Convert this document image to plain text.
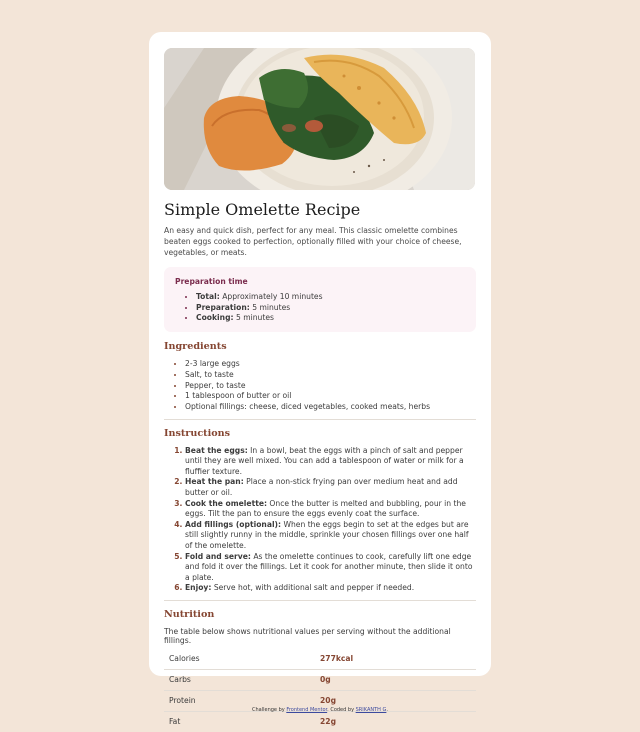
Simple Omelette Recipe

An easy and quick dish, perfect for any meal. This classic omelette combines beaten eggs cooked to perfection, optionally filled with your choice of cheese, vegetables, or meats.

Preparation time
• Total: Approximately 10 minutes
• Preparation: 5 minutes
• Cooking: 5 minutes
Ingredients
• 2-3 large eggs
• Salt, to taste
• Pepper, to taste
• 1 tablespoon of butter or oil
• Optional fillings: cheese, diced vegetables, cooked meats, herbs
Instructions
1. Beat the eggs: In a bowl, beat the eggs with a pinch of salt and pepper until they are well mixed. You can add a tablespoon of water or milk for a fluffier texture.
2. Heat the pan: Place a non-stick frying pan over medium heat and add butter or oil.
3. Cook the omelette: Once the butter is melted and bubbling, pour in the eggs. Tilt the pan to ensure the eggs evenly coat the surface.
4. Add fillings (optional): When the eggs begin to set at the edges but are still slightly runny in the middle, sprinkle your chosen fillings over one half of the omelette.
5. Fold and serve: As the omelette continues to cook, carefully lift one edge and fold it over the fillings. Let it cook for another minute, then slide it onto a plate.
6. Enjoy: Serve hot, with additional salt and pepper if needed.
Nutrition

The table below shows nutritional values per serving without the additional fillings.

Calories	277kcal
Carbs	0g
Protein	20g
Fat	22g
Challenge by Frontend Mentor. Coded by SRIKANTH G.
